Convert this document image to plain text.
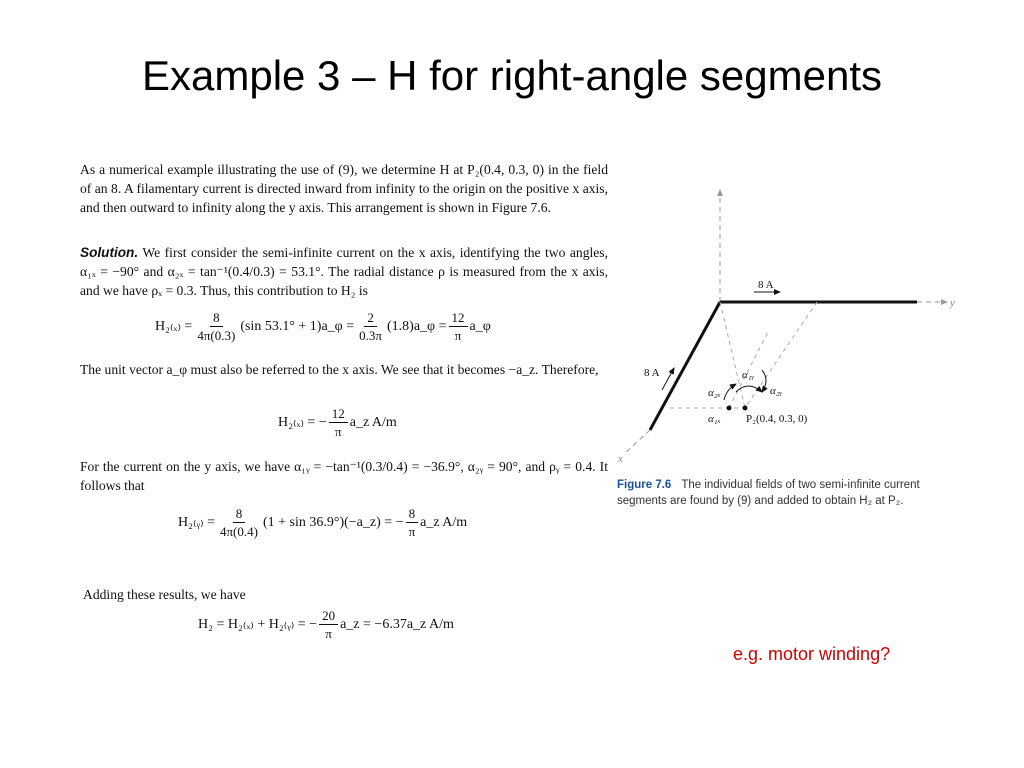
Example 3 – H for right-angle segments
As a numerical example illustrating the use of (9), we determine H at P₂(0.4, 0.3, 0) in the field of an 8. A filamentary current is directed inward from infinity to the origin on the positive x axis, and then outward to infinity along the y axis. This arrangement is shown in Figure 7.6.
Solution. We first consider the semi-infinite current on the x axis, identifying the two angles, α₁ₓ = −90° and α₂ₓ = tan⁻¹(0.4/0.3) = 53.1°. The radial distance ρ is measured from the x axis, and we have ρₓ = 0.3. Thus, this contribution to H₂ is
$H_{2(x)} = \frac{8}{4\pi(0.3)} (\sin$ 53.1° + 1)a_φ = $\frac{2}{0.3\pi}$ (1.8)a_φ = $\frac{12}{\pi}$ a_φ
The unit vector a_φ must also be referred to the x axis. We see that it becomes −a_z. Therefore,
H₂₍ₓ₎ = − $\frac{12}{\pi}$ a_z A/m
For the current on the y axis, we have α₁ᵧ = −tan⁻¹(0.3/0.4) = −36.9°, α₂ᵧ = 90°, and ρᵧ = 0.4. It follows that
H₂₍ᵧ₎ = $\frac{8}{4\pi(0.4)} (1 + \sin$ 36.9°)(−a_z) = − $\frac{8}{\pi}$ a_z A/m
Adding these results, we have
H₂ = H₂₍ₓ₎ + H₂₍ᵧ₎ = − $\frac{20}{\pi}$ a_z = −6.37a_z A/m
8 A
8 A
y
x
α₁ᵧ
α₂ᵧ
α₂ₓ
α₁ₓ P₂(0.4, 0.3, 0)
Figure 7.6 The individual fields of two semi-infinite current segments are found by (9) and added to obtain H₂ at P₂.
e.g. motor winding?
